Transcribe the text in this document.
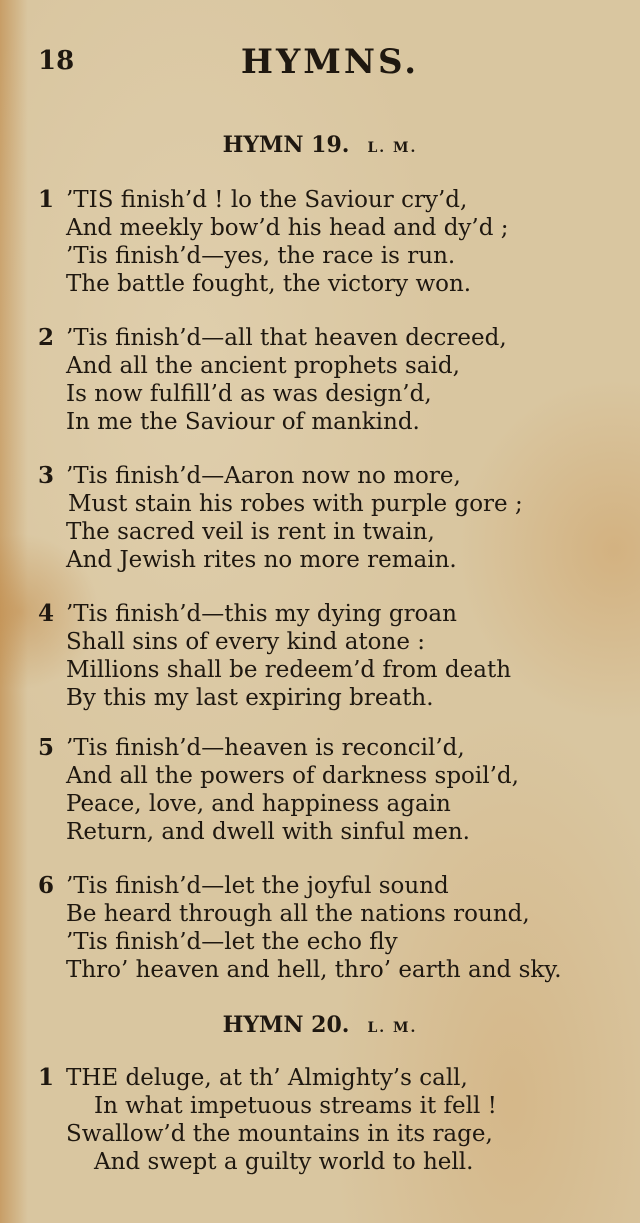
18	HYMNS.
HYMN 19. L. M.
1 ’TIS finish’d ! lo the Saviour cry’d,
And meekly bow’d his head and dy’d ;
’Tis finish’d—yes, the race is run.
The battle fought, the victory won.
2 ’Tis finish’d—all that heaven decreed,
And all the ancient prophets said,
Is now fulfill’d as was design’d,
In me the Saviour of mankind.
3 ’Tis finish’d—Aaron now no more,
Must stain his robes with purple gore ;
The sacred veil is rent in twain,
And Jewish rites no more remain.
4 ’Tis finish’d—this my dying groan
Shall sins of every kind atone :
Millions shall be redeem’d from death
By this my last expiring breath.
5 ’Tis finish’d—heaven is reconcil’d,
And all the powers of darkness spoil’d,
Peace, love, and happiness again
Return, and dwell with sinful men.
6 ’Tis finish’d—let the joyful sound
Be heard through all the nations round,
’Tis finish’d—let the echo fly
Thro’ heaven and hell, thro’ earth and sky.
HYMN 20. L. M.
1 THE deluge, at th’ Almighty’s call,
In what impetuous streams it fell !
Swallow’d the mountains in its rage,
And swept a guilty world to hell.
